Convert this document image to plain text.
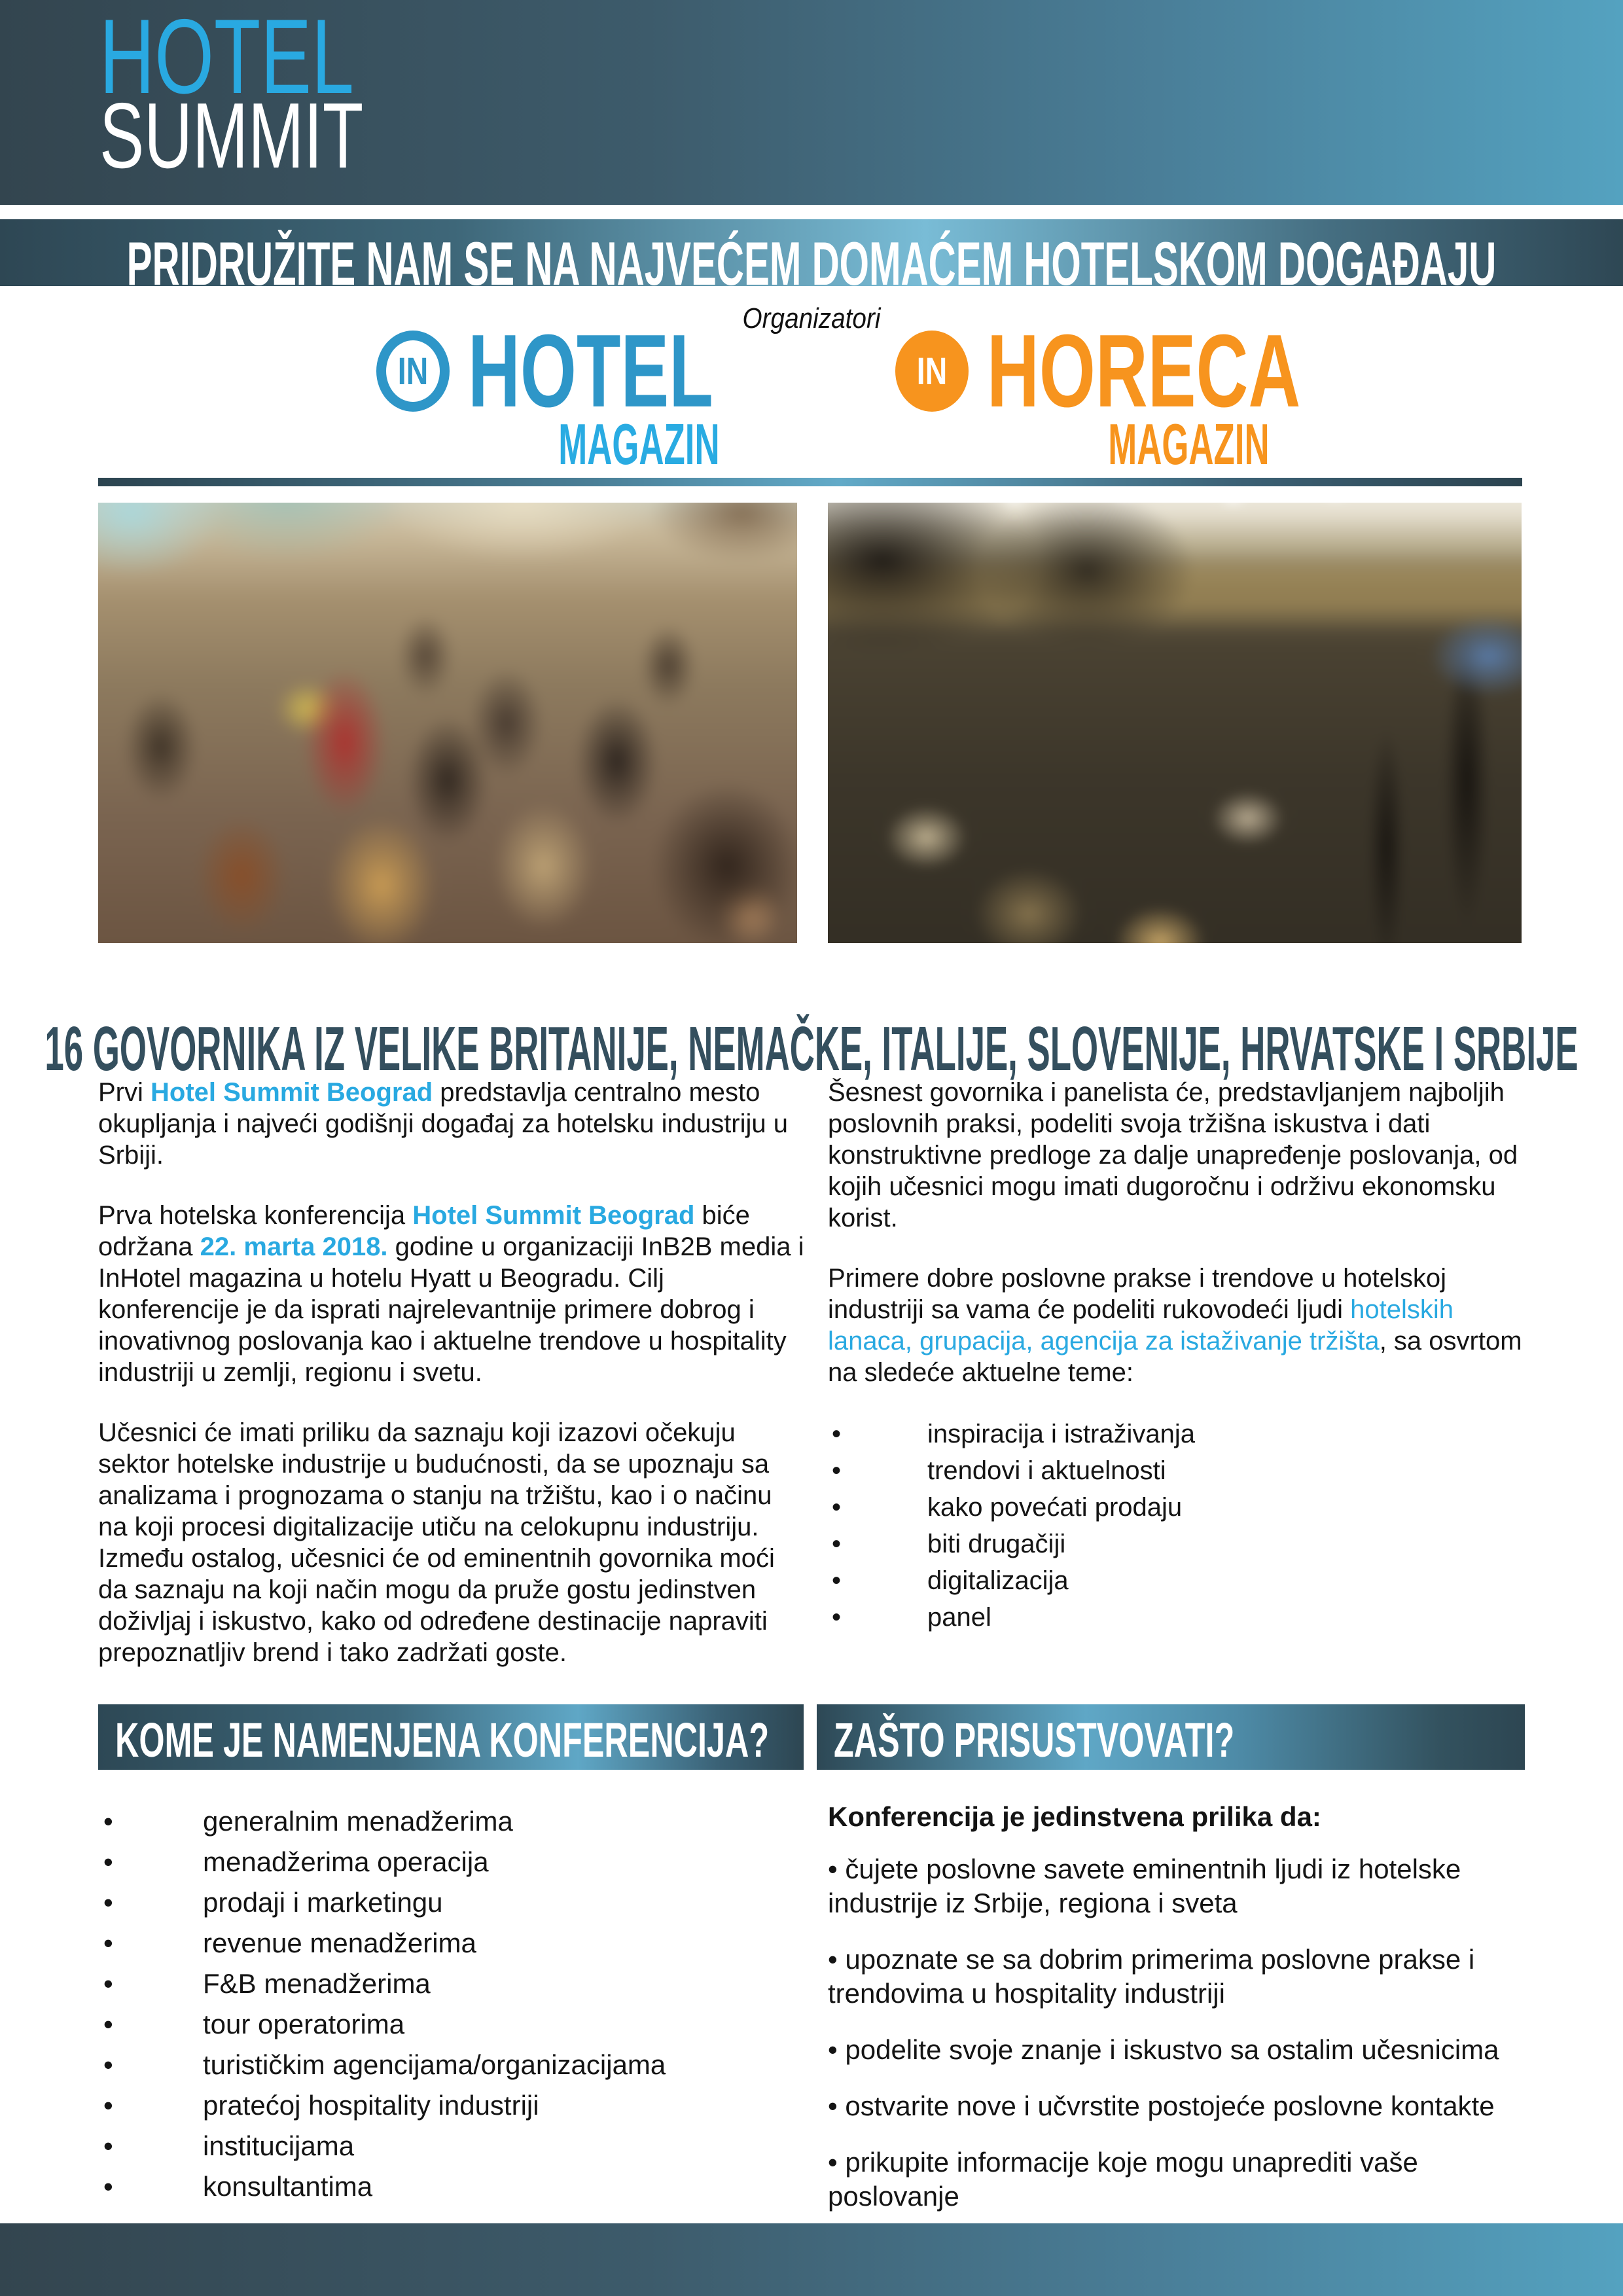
HOTEL
SUMMIT
PRIDRUŽITE NAM SE NA NAJVEĆEM DOMAĆEM HOTELSKOM DOGAĐAJU
Organizatori
IN HOTEL
MAGAZIN
IN HORECA
MAGAZIN
16 GOVORNIKA IZ VELIKE BRITANIJE, NEMAČKE, ITALIJE, SLOVENIJE, HRVATSKE I SRBIJE

Prvi Hotel Summit Beograd predstavlja centralno mesto okupljanja i najveći godišnji događaj za hotelsku industriju u Srbiji.

Prva hotelska konferencija Hotel Summit Beograd biće održana 22. marta 2018. godine u organizaciji InB2B media i InHotel magazina u hotelu Hyatt u Beogradu. Cilj konferencije je da isprati najrelevantnije primere dobrog i inovativnog poslovanja kao i aktuelne trendove u hospitality industriji u zemlji, regionu i svetu.

Učesnici će imati priliku da saznaju koji izazovi očekuju sektor hotelske industrije u budućnosti, da se upoznaju sa analizama i prognozama o stanju na tržištu, kao i o načinu na koji procesi digitalizacije utiču na celokupnu industriju. Između ostalog, učesnici će od eminentnih govornika moći da saznaju na koji način mogu da pruže gostu jedinstven doživljaj i iskustvo, kako od određene destinacije napraviti prepoznatljiv brend i tako zadržati goste.

Šesnest govornika i panelista će, predstavljanjem najboljih poslovnih praksi, podeliti svoja tržišna iskustva i dati konstruktivne predloge za dalje unapređenje poslovanja, od kojih učesnici mogu imati dugoročnu i održivu ekonomsku korist.

Primere dobre poslovne prakse i trendove u hotelskoj industriji sa vama će podeliti rukovodeći ljudi hotelskih lanaca, grupacija, agencija za istaživanje tržišta, sa osvrtom na sledeće aktuelne teme:

• inspiracija i istraživanja
• trendovi i aktuelnosti
• kako povećati prodaju
• biti drugačiji
• digitalizacija
• panel
KOME JE NAMENJENA KONFERENCIJA? ZAŠTO PRISUSTVOVATI?
• generalnim menadžerima
• menadžerima operacija
• prodaji i marketingu
• revenue menadžerima
• F&B menadžerima
• tour operatorima
• turističkim agencijama/organizacijama
• pratećoj hospitality industriji
• institucijama
• konsultantima

Konferencija je jedinstvena prilika da:

• čujete poslovne savete eminentnih ljudi iz hotelske industrije iz Srbije, regiona i sveta
• upoznate se sa dobrim primerima poslovne prakse i trendovima u hospitality industriji
• podelite svoje znanje i iskustvo sa ostalim učesnicima
• ostvarite nove i učvrstite postojeće poslovne kontakte
• prikupite informacije koje mogu unaprediti vaše poslovanje
